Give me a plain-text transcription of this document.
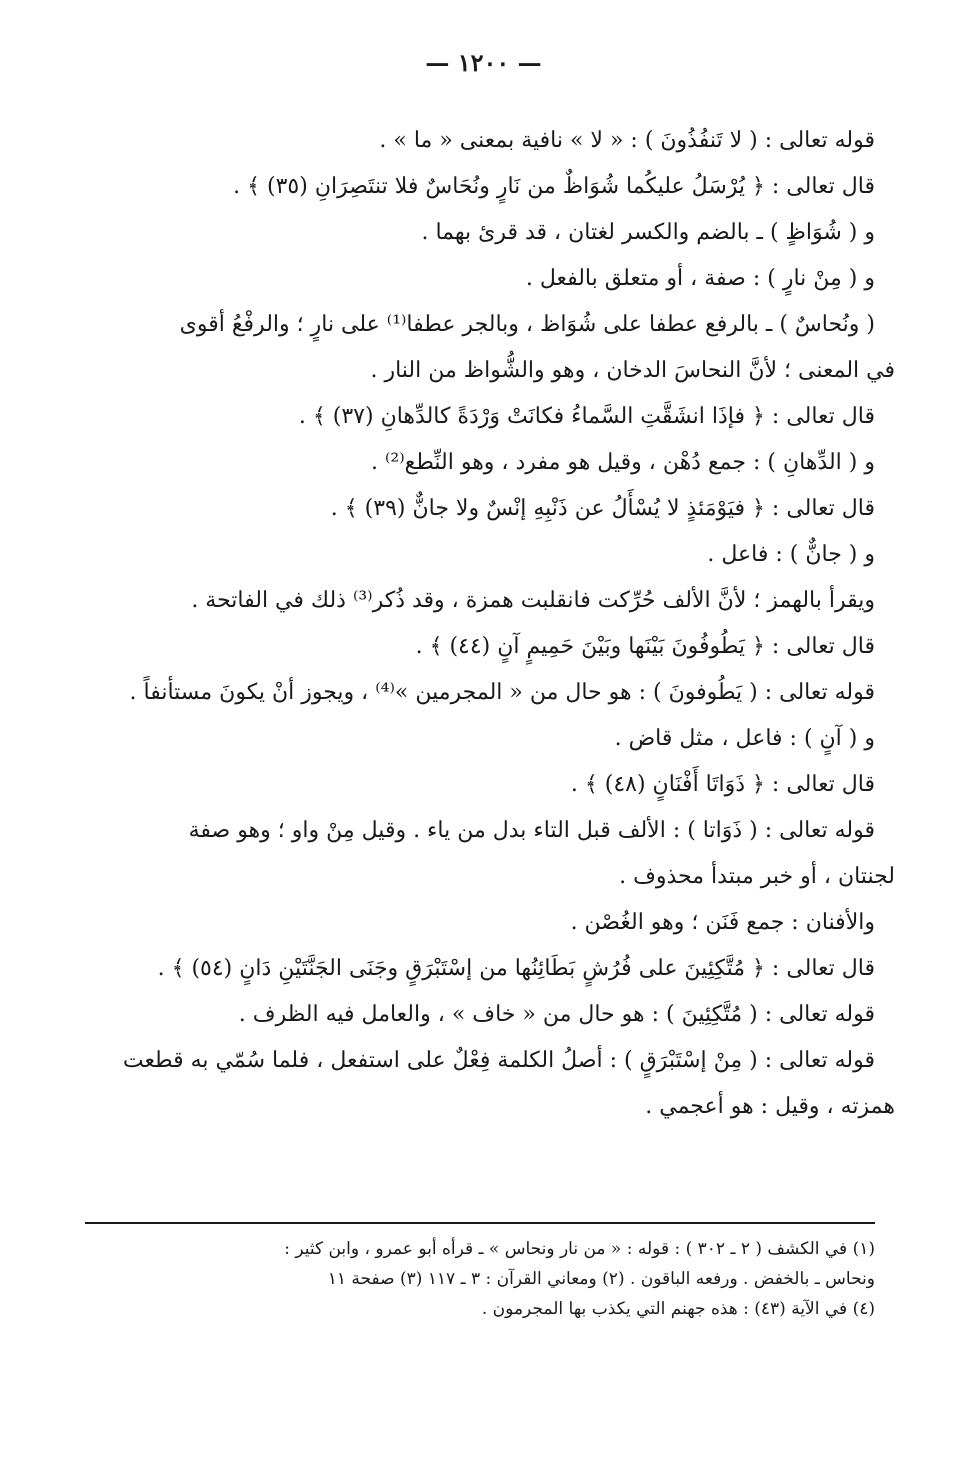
— ١٢٠٠ —
قوله تعالى : ( لا تَنفُذُونَ ) : « لا » نافية بمعنى « ما » .
قال تعالى : ﴿ يُرْسَلُ عليكُما شُوَاظٌ من نَارٍ ونُحَاسٌ فلا تنتَصِرَانِ (٣٥) ﴾ .
و ( شُوَاظٍ ) ـ بالضم والكسر لغتان ، قد قرئ بهما .
و ( مِنْ نارٍ ) : صفة ، أو متعلق بالفعل .
( ونُحاسٌ ) ـ بالرفع عطفا على شُوَاظ ، وبالجر عطفا⁽¹⁾ على نارٍ ؛ والرفْعُ أقوى
في المعنى ؛ لأنَّ النحاسَ الدخان ، وهو والشُّواظ من النار .
قال تعالى : ﴿ فإذَا انشَقَّتِ السَّماءُ فكانَتْ وَرْدَةً كالدِّهانِ (٣٧) ﴾ .
و ( الدِّهانِ ) : جمع دُهْن ، وقيل هو مفرد ، وهو النِّطع⁽²⁾ .
قال تعالى : ﴿ فيَوْمَئذٍ لا يُسْأَلُ عن ذَنْبِهِ إنْسٌ ولا جانٌّ (٣٩) ﴾ .
و ( جانٌّ ) : فاعل .
ويقرأ بالهمز ؛ لأنَّ الألف حُرِّكت فانقلبت همزة ، وقد ذُكر⁽³⁾ ذلك في الفاتحة .
قال تعالى : ﴿ يَطُوفُونَ بَيْنَها وبَيْنَ حَمِيمٍ آنٍ (٤٤) ﴾ .
قوله تعالى : ( يَطُوفونَ ) : هو حال من « المجرمين »⁽⁴⁾ ، ويجوز أنْ يكونَ مستأنفاً .
و ( آنٍ ) : فاعل ، مثل قاض .
قال تعالى : ﴿ ذَوَاتَا أَفْنَانٍ (٤٨) ﴾ .
قوله تعالى : ( ذَوَاتا ) : الألف قبل التاء بدل من ياء . وقيل مِنْ واو ؛ وهو صفة
لجنتان ، أو خبر مبتدأ محذوف .
والأفنان : جمع فَنَن ؛ وهو الغُصْن .
قال تعالى : ﴿ مُتَّكِئِينَ على فُرُشٍ بَطَائِنُها من إسْتَبْرَقٍ وجَنَى الجَنَّتَيْنِ دَانٍ (٥٤) ﴾ .
قوله تعالى : ( مُتَّكِئِينَ ) : هو حال من « خاف » ، والعامل فيه الظرف .
قوله تعالى : ( مِنْ إسْتَبْرَقٍ ) : أصلُ الكلمة فِعْلٌ على استفعل ، فلما سُمّي به قطعت
همزته ، وقيل : هو أعجمي .
(١) في الكشف ( ٢ ـ ٣٠٢ ) : قوله : « من نار ونحاس » ـ قرأه أبو عمرو ، وابن كثير :
ونحاس ـ بالخفض . ورفعه الباقون . (٢) ومعاني القرآن : ٣ ـ ١١٧ (٣) صفحة ١١
(٤) في الآية (٤٣) : هذه جهنم التي يكذب بها المجرمون .
